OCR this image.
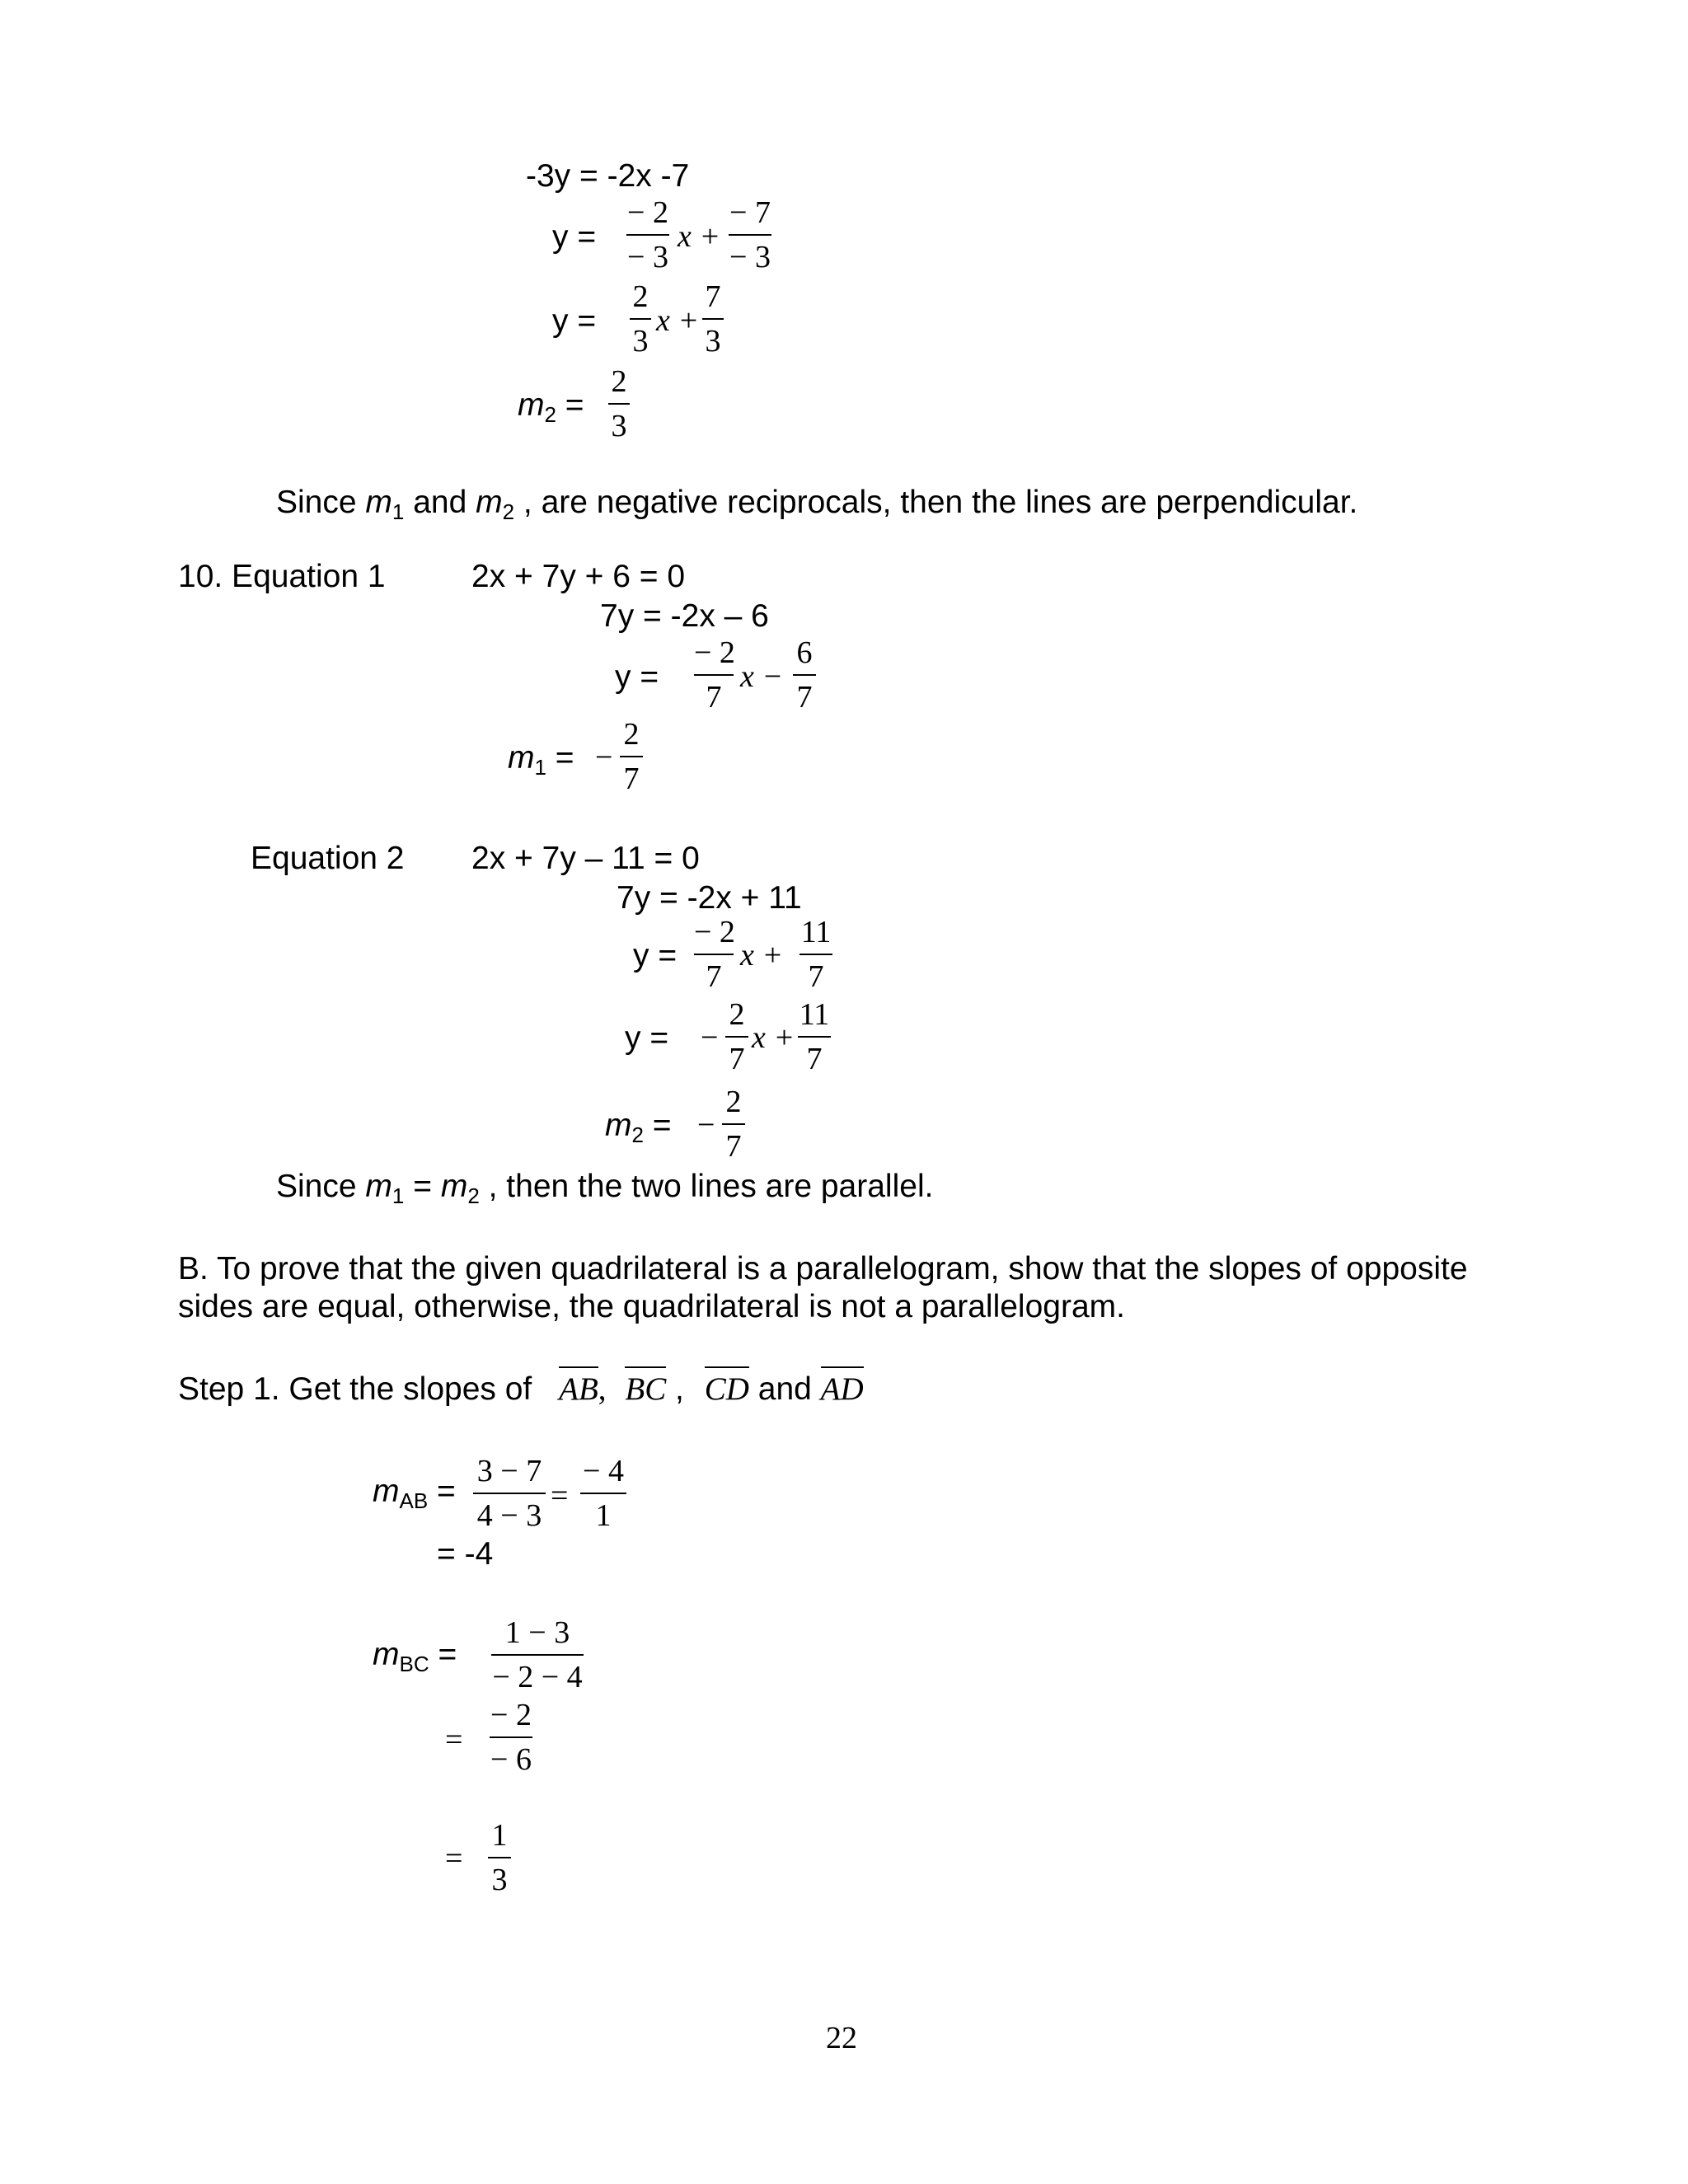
-3y = -2x -7
y =
− 2
− 3
x +
− 7
− 3
y =
2
3
x +
7
3
$m_2$ =
2
3
Since $m_1$ and $m_2$ , are negative reciprocals, then the lines are perpendicular.
10. Equation 1	2x + 7y + 6 = 0
7y = -2x – 6
y =
− 2
7
x −
6
7
$m_1$ = −
2
7
Equation 2 2x + 7y – 11 = 0
7y = -2x + 11
y =
− 2
7
x +
11
7
y = −
2
7
x +
11
7
$m_2$ = −
2
7
Since $m_1 = m_2$ , then the two lines are parallel.
B. To prove that the given quadrilateral is a parallelogram, show that the slopes of opposite
sides are equal, otherwise, the quadrilateral is not a parallelogram.
Step 1. Get the slopes of AB, BC , CD and AD
$m_{AB}$ =
3 − 7
4 − 3
=
− 4
1
= -4
$m_{BC}$ =
1 − 3
− 2 − 4
=
− 2
− 6
=
1
3
22
